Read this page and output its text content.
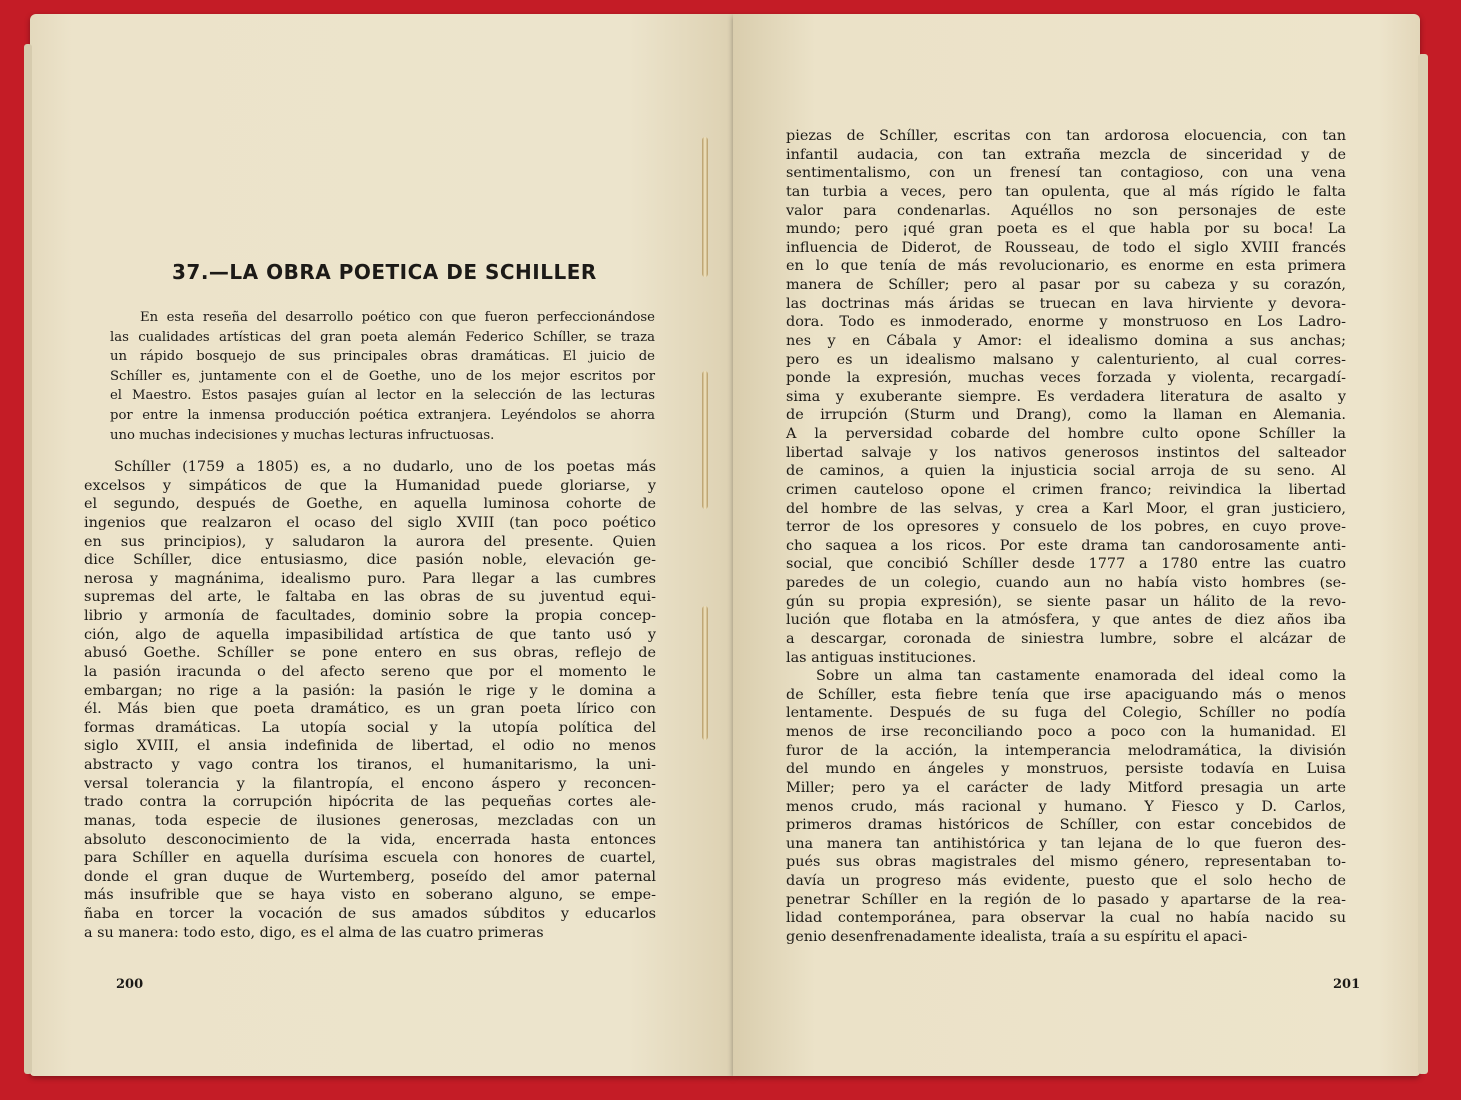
37.—LA OBRA POETICA DE SCHILLER
En esta reseña del desarrollo poético con que fueron perfeccionándose
las cualidades artísticas del gran poeta alemán Federico Schíller, se traza
un rápido bosquejo de sus principales obras dramáticas. El juicio de
Schíller es, juntamente con el de Goethe, uno de los mejor escritos por
el Maestro. Estos pasajes guían al lector en la selección de las lecturas
por entre la inmensa producción poética extranjera. Leyéndolos se ahorra
uno muchas indecisiones y muchas lecturas infructuosas.
Schíller (1759 a 1805) es, a no dudarlo, uno de los poetas más
excelsos y simpáticos de que la Humanidad puede gloriarse, y
el segundo, después de Goethe, en aquella luminosa cohorte de
ingenios que realzaron el ocaso del siglo XVIII (tan poco poético
en sus principios), y saludaron la aurora del presente. Quien
dice Schíller, dice entusiasmo, dice pasión noble, elevación ge-
nerosa y magnánima, idealismo puro. Para llegar a las cumbres
supremas del arte, le faltaba en las obras de su juventud equi-
librio y armonía de facultades, dominio sobre la propia concep-
ción, algo de aquella impasibilidad artística de que tanto usó y
abusó Goethe. Schíller se pone entero en sus obras, reflejo de
la pasión iracunda o del afecto sereno que por el momento le
embargan; no rige a la pasión: la pasión le rige y le domina a
él. Más bien que poeta dramático, es un gran poeta lírico con
formas dramáticas. La utopía social y la utopía política del
siglo XVIII, el ansia indefinida de libertad, el odio no menos
abstracto y vago contra los tiranos, el humanitarismo, la uni-
versal tolerancia y la filantropía, el encono áspero y reconcen-
trado contra la corrupción hipócrita de las pequeñas cortes ale-
manas, toda especie de ilusiones generosas, mezcladas con un
absoluto desconocimiento de la vida, encerrada hasta entonces
para Schíller en aquella durísima escuela con honores de cuartel,
donde el gran duque de Wurtemberg, poseído del amor paternal
más insufrible que se haya visto en soberano alguno, se empe-
ñaba en torcer la vocación de sus amados súbditos y educarlos
a su manera: todo esto, digo, es el alma de las cuatro primeras
piezas de Schíller, escritas con tan ardorosa elocuencia, con tan
infantil audacia, con tan extraña mezcla de sinceridad y de
sentimentalismo, con un frenesí tan contagioso, con una vena
tan turbia a veces, pero tan opulenta, que al más rígido le falta
valor para condenarlas. Aquéllos no son personajes de este
mundo; pero ¡qué gran poeta es el que habla por su boca! La
influencia de Diderot, de Rousseau, de todo el siglo XVIII francés
en lo que tenía de más revolucionario, es enorme en esta primera
manera de Schíller; pero al pasar por su cabeza y su corazón,
las doctrinas más áridas se truecan en lava hirviente y devora-
dora. Todo es inmoderado, enorme y monstruoso en Los Ladro-
nes y en Cábala y Amor: el idealismo domina a sus anchas;
pero es un idealismo malsano y calenturiento, al cual corres-
ponde la expresión, muchas veces forzada y violenta, recargadí-
sima y exuberante siempre. Es verdadera literatura de asalto y
de irrupción (Sturm und Drang), como la llaman en Alemania.
A la perversidad cobarde del hombre culto opone Schíller la
libertad salvaje y los nativos generosos instintos del salteador
de caminos, a quien la injusticia social arroja de su seno. Al
crimen cauteloso opone el crimen franco; reivindica la libertad
del hombre de las selvas, y crea a Karl Moor, el gran justiciero,
terror de los opresores y consuelo de los pobres, en cuyo prove-
cho saquea a los ricos. Por este drama tan candorosamente anti-
social, que concibió Schíller desde 1777 a 1780 entre las cuatro
paredes de un colegio, cuando aun no había visto hombres (se-
gún su propia expresión), se siente pasar un hálito de la revo-
lución que flotaba en la atmósfera, y que antes de diez años iba
a descargar, coronada de siniestra lumbre, sobre el alcázar de
las antiguas instituciones.
Sobre un alma tan castamente enamorada del ideal como la
de Schíller, esta fiebre tenía que irse apaciguando más o menos
lentamente. Después de su fuga del Colegio, Schíller no podía
menos de irse reconciliando poco a poco con la humanidad. El
furor de la acción, la intemperancia melodramática, la división
del mundo en ángeles y monstruos, persiste todavía en Luisa
Miller; pero ya el carácter de lady Mitford presagia un arte
menos crudo, más racional y humano. Y Fiesco y D. Carlos,
primeros dramas históricos de Schíller, con estar concebidos de
una manera tan antihistórica y tan lejana de lo que fueron des-
pués sus obras magistrales del mismo género, representaban to-
davía un progreso más evidente, puesto que el solo hecho de
penetrar Schíller en la región de lo pasado y apartarse de la rea-
lidad contemporánea, para observar la cual no había nacido su
genio desenfrenadamente idealista, traía a su espíritu el apaci-
200	201
